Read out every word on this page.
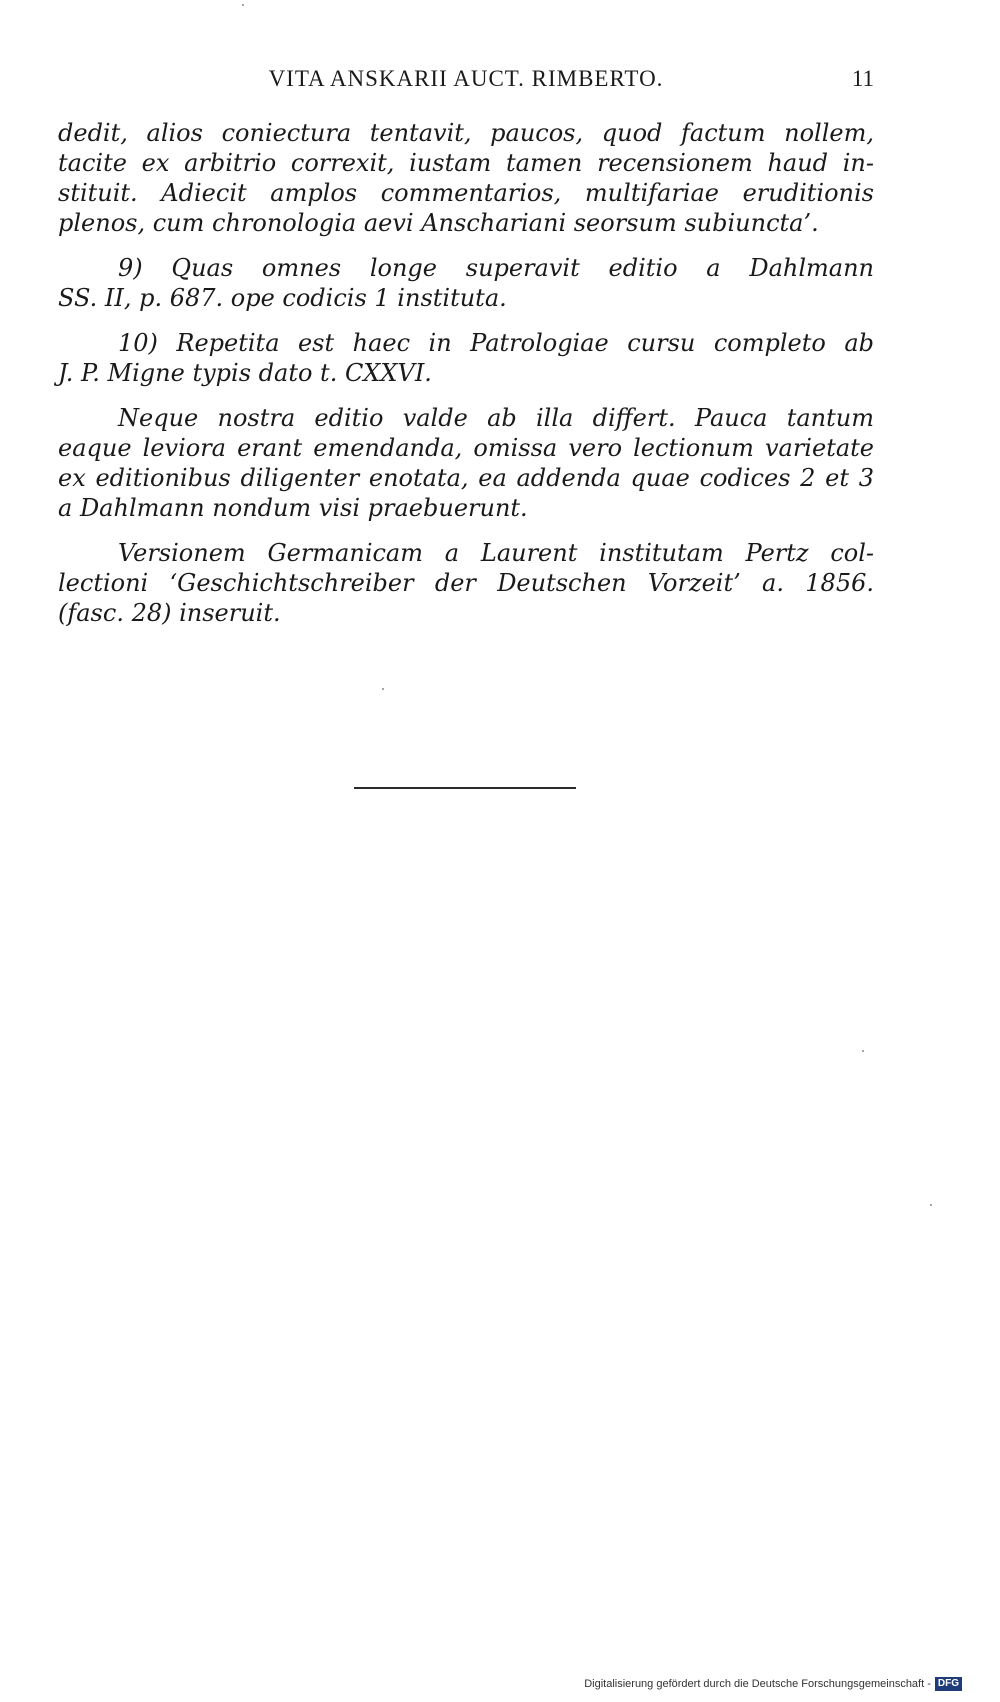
VITA ANSKARII AUCT. RIMBERTO.	11
dedit, alios coniectura tentavit, paucos, quod factum nollem,
tacite ex arbitrio correxit, iustam tamen recensionem haud in-
stituit. Adiecit amplos commentarios, multifariae eruditionis
plenos, cum chronologia aevi Anschariani seorsum subiuncta’.
9) Quas omnes longe superavit editio a Dahlmann
SS. II, p. 687. ope codicis 1 instituta.
10) Repetita est haec in Patrologiae cursu completo ab
J. P. Migne typis dato t. CXXVI.
Neque nostra editio valde ab illa differt. Pauca tantum
eaque leviora erant emendanda, omissa vero lectionum varietate
ex editionibus diligenter enotata, ea addenda quae codices 2 et 3
a Dahlmann nondum visi praebuerunt.
Versionem Germanicam a Laurent institutam Pertz col-
lectioni ‘Geschichtschreiber der Deutschen Vorzeit’ a. 1856.
(fasc. 28) inseruit.
Digitalisierung gefördert durch die Deutsche Forschungsgemeinschaft - DFG
